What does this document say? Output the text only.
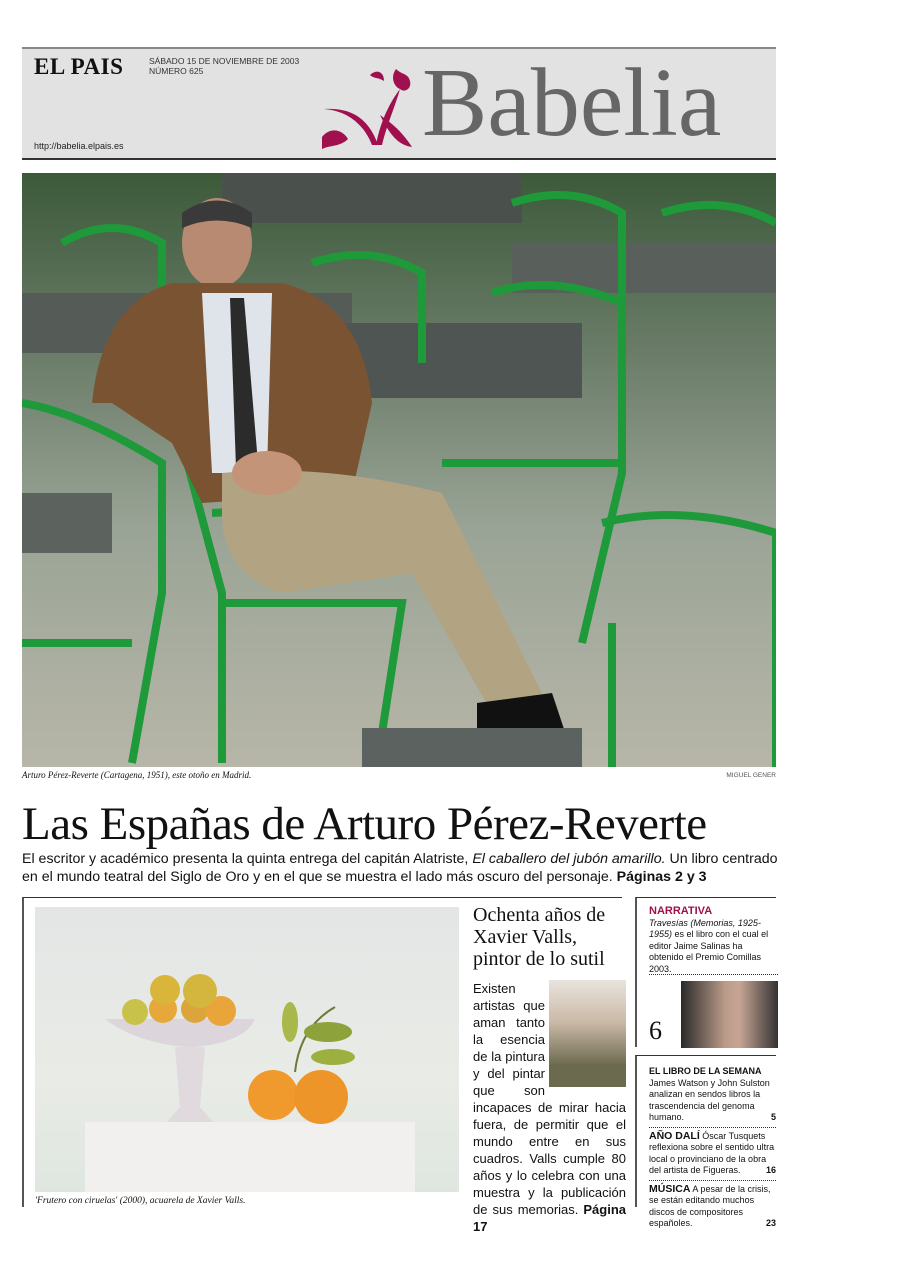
EL PAIS	SÁBADO 15 DE NOVIEMBRE DE 2003
NÚMERO 625
http://babelia.elpais.es	Babelia
Arturo Pérez-Reverte (Cartagena, 1951), este otoño en Madrid.	MIGUEL GENER
Las Españas de Arturo Pérez-Reverte
El escritor y académico presenta la quinta entrega del capitán Alatriste, El caballero del jubón amarillo. Un libro centrado en el mundo teatral del Siglo de Oro y en el que se muestra el lado más oscuro del personaje. Páginas 2 y 3
'Frutero con ciruelas' (2000), acuarela de Xavier Valls.
Ochenta años de Xavier Valls, pintor de lo sutil
Existen artistas que aman tanto la esencia de la pintura y del pintar que son incapaces de mirar hacia fuera, de permitir que el mundo entre en sus cuadros. Valls cumple 80 años y lo celebra con una muestra y la publicación de sus memorias. Página 17
NARRATIVA
Travesías (Memorias, 1925-1955) es el libro con el cual el editor Jaime Salinas ha obtenido el Premio Comillas 2003.
6
EL LIBRO DE LA SEMANA James Watson y John Sulston analizan en sendos libros la trascendencia del genoma humano.	5
AÑO DALÍ Óscar Tusquets reflexiona sobre el sentido ultra local o provinciano de la obra del artista de Figueras.	16
MÚSICA A pesar de la crisis, se están editando muchos discos de compositores españoles.	23
